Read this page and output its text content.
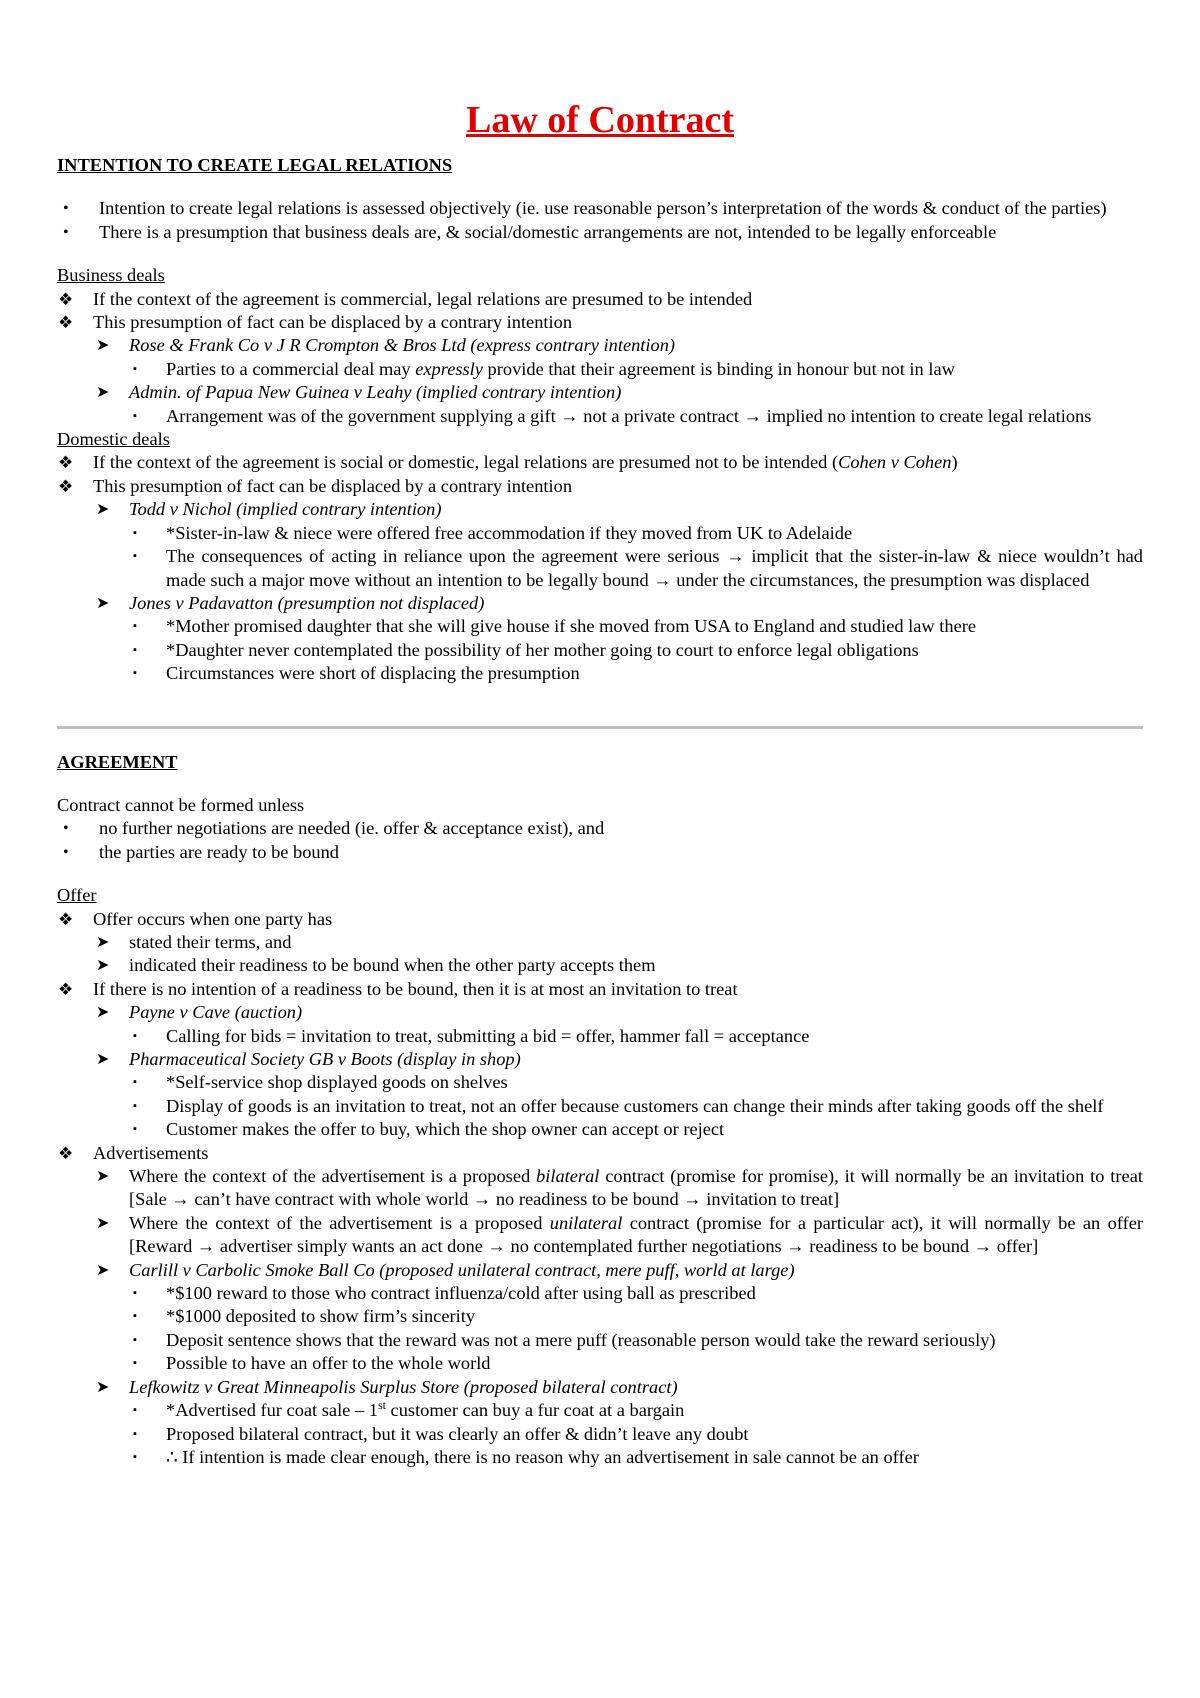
Law of Contract

INTENTION TO CREATE LEGAL RELATIONS

• Intention to create legal relations is assessed objectively (ie. use reasonable person’s interpretation of the words & conduct of the parties)

• There is a presumption that business deals are, & social/domestic arrangements are not, intended to be legally enforceable

Business deals

❖ If the context of the agreement is commercial, legal relations are presumed to be intended

❖ This presumption of fact can be displaced by a contrary intention

➤ Rose & Frank Co v J R Crompton & Bros Ltd (express contrary intention)

▪ Parties to a commercial deal may expressly provide that their agreement is binding in honour but not in law

➤ Admin. of Papua New Guinea v Leahy (implied contrary intention)

▪ Arrangement was of the government supplying a gift → not a private contract → implied no intention to create legal relations

Domestic deals

❖ If the context of the agreement is social or domestic, legal relations are presumed not to be intended (Cohen v Cohen)

❖ This presumption of fact can be displaced by a contrary intention

➤ Todd v Nichol (implied contrary intention)

▪ *Sister-in-law & niece were offered free accommodation if they moved from UK to Adelaide

▪ The consequences of acting in reliance upon the agreement were serious → implicit that the sister-in-law & niece wouldn’t had made such a major move without an intention to be legally bound → under the circumstances, the presumption was displaced

➤ Jones v Padavatton (presumption not displaced)

▪ *Mother promised daughter that she will give house if she moved from USA to England and studied law there

▪ *Daughter never contemplated the possibility of her mother going to court to enforce legal obligations

▪ Circumstances were short of displacing the presumption

AGREEMENT

Contract cannot be formed unless

• no further negotiations are needed (ie. offer & acceptance exist), and

• the parties are ready to be bound

Offer

❖ Offer occurs when one party has

➤ stated their terms, and

➤ indicated their readiness to be bound when the other party accepts them

❖ If there is no intention of a readiness to be bound, then it is at most an invitation to treat

➤ Payne v Cave (auction)

▪ Calling for bids = invitation to treat, submitting a bid = offer, hammer fall = acceptance

➤ Pharmaceutical Society GB v Boots (display in shop)

▪ *Self-service shop displayed goods on shelves

▪ Display of goods is an invitation to treat, not an offer because customers can change their minds after taking goods off the shelf

▪ Customer makes the offer to buy, which the shop owner can accept or reject

❖ Advertisements

➤ Where the context of the advertisement is a proposed bilateral contract (promise for promise), it will normally be an invitation to treat [Sale → can’t have contract with whole world → no readiness to be bound → invitation to treat]

➤ Where the context of the advertisement is a proposed unilateral contract (promise for a particular act), it will normally be an offer [Reward → advertiser simply wants an act done → no contemplated further negotiations → readiness to be bound → offer]

➤ Carlill v Carbolic Smoke Ball Co (proposed unilateral contract, mere puff, world at large)

▪ *$100 reward to those who contract influenza/cold after using ball as prescribed

▪ *$1000 deposited to show firm’s sincerity

▪ Deposit sentence shows that the reward was not a mere puff (reasonable person would take the reward seriously)

▪ Possible to have an offer to the whole world

➤ Lefkowitz v Great Minneapolis Surplus Store (proposed bilateral contract)

▪ *Advertised fur coat sale – 1st customer can buy a fur coat at a bargain

▪ Proposed bilateral contract, but it was clearly an offer & didn’t leave any doubt

▪ ∴ If intention is made clear enough, there is no reason why an advertisement in sale cannot be an offer
